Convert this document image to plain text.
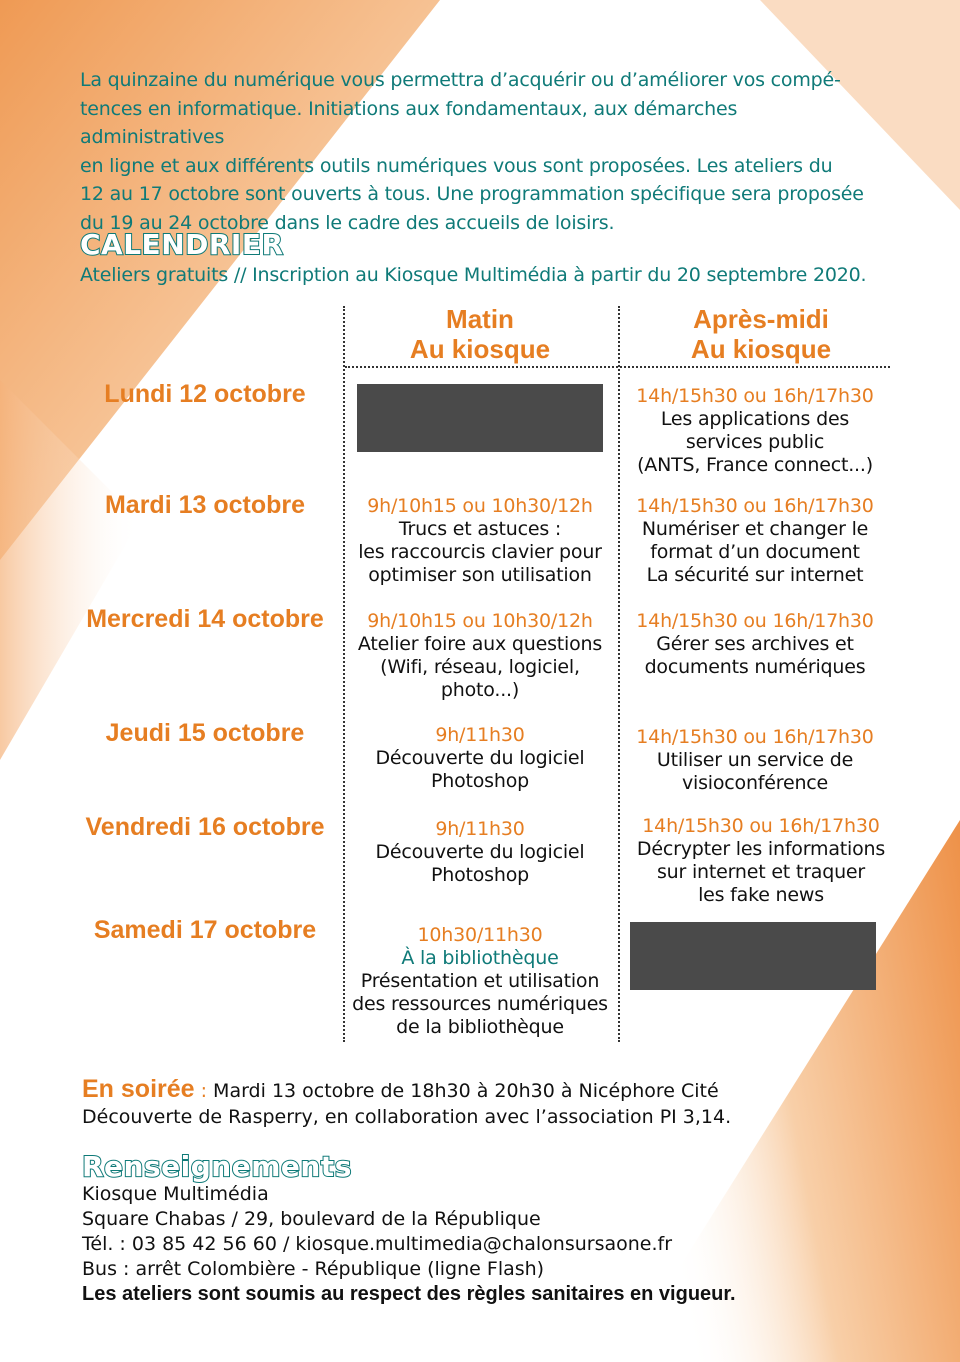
La quinzaine du numérique vous permettra d’acquérir ou d’améliorer vos compé-

tences en informatique. Initiations aux fondamentaux, aux démarches administratives

en ligne et aux différents outils numériques vous sont proposées. Les ateliers du

12 au 17 octobre sont ouverts à tous. Une programmation spécifique sera proposée

du 19 au 24 octobre dans le cadre des accueils de loisirs.

CALENDRIER
Ateliers gratuits // Inscription au Kiosque Multimédia à partir du 20 septembre 2020.
Matin
Au kiosque
Après-midi
Au kiosque
Lundi 12 octobre
Mardi 13 octobre
Mercredi 14 octobre
Jeudi 15 octobre
Vendredi 16 octobre
Samedi 17 octobre
9h/10h15 ou 10h30/12h
Trucs et astuces :
les raccourcis clavier pour
optimiser son utilisation
9h/10h15 ou 10h30/12h
Atelier foire aux questions
(Wifi, réseau, logiciel,
photo...)
9h/11h30
Découverte du logiciel
Photoshop
9h/11h30
Découverte du logiciel
Photoshop
10h30/11h30
À la bibliothèque
Présentation et utilisation
des ressources numériques
de la bibliothèque
14h/15h30 ou 16h/17h30
Les applications des
services public
(ANTS, France connect...)
14h/15h30 ou 16h/17h30
Numériser et changer le
format d’un document
La sécurité sur internet
14h/15h30 ou 16h/17h30
Gérer ses archives et
documents numériques
14h/15h30 ou 16h/17h30
Utiliser un service de
visioconférence
14h/15h30 ou 16h/17h30
Décrypter les informations
sur internet et traquer
les fake news
En soirée : Mardi 13 octobre de 18h30 à 20h30 à Nicéphore Cité
Découverte de Rasperry, en collaboration avec l’association PI 3,14.
Renseignements
Kiosque Multimédia
Square Chabas / 29, boulevard de la République
Tél. : 03 85 42 56 60 / kiosque.multimedia@chalonsursaone.fr
Bus : arrêt Colombière - République (ligne Flash)
Les ateliers sont soumis au respect des règles sanitaires en vigueur.
